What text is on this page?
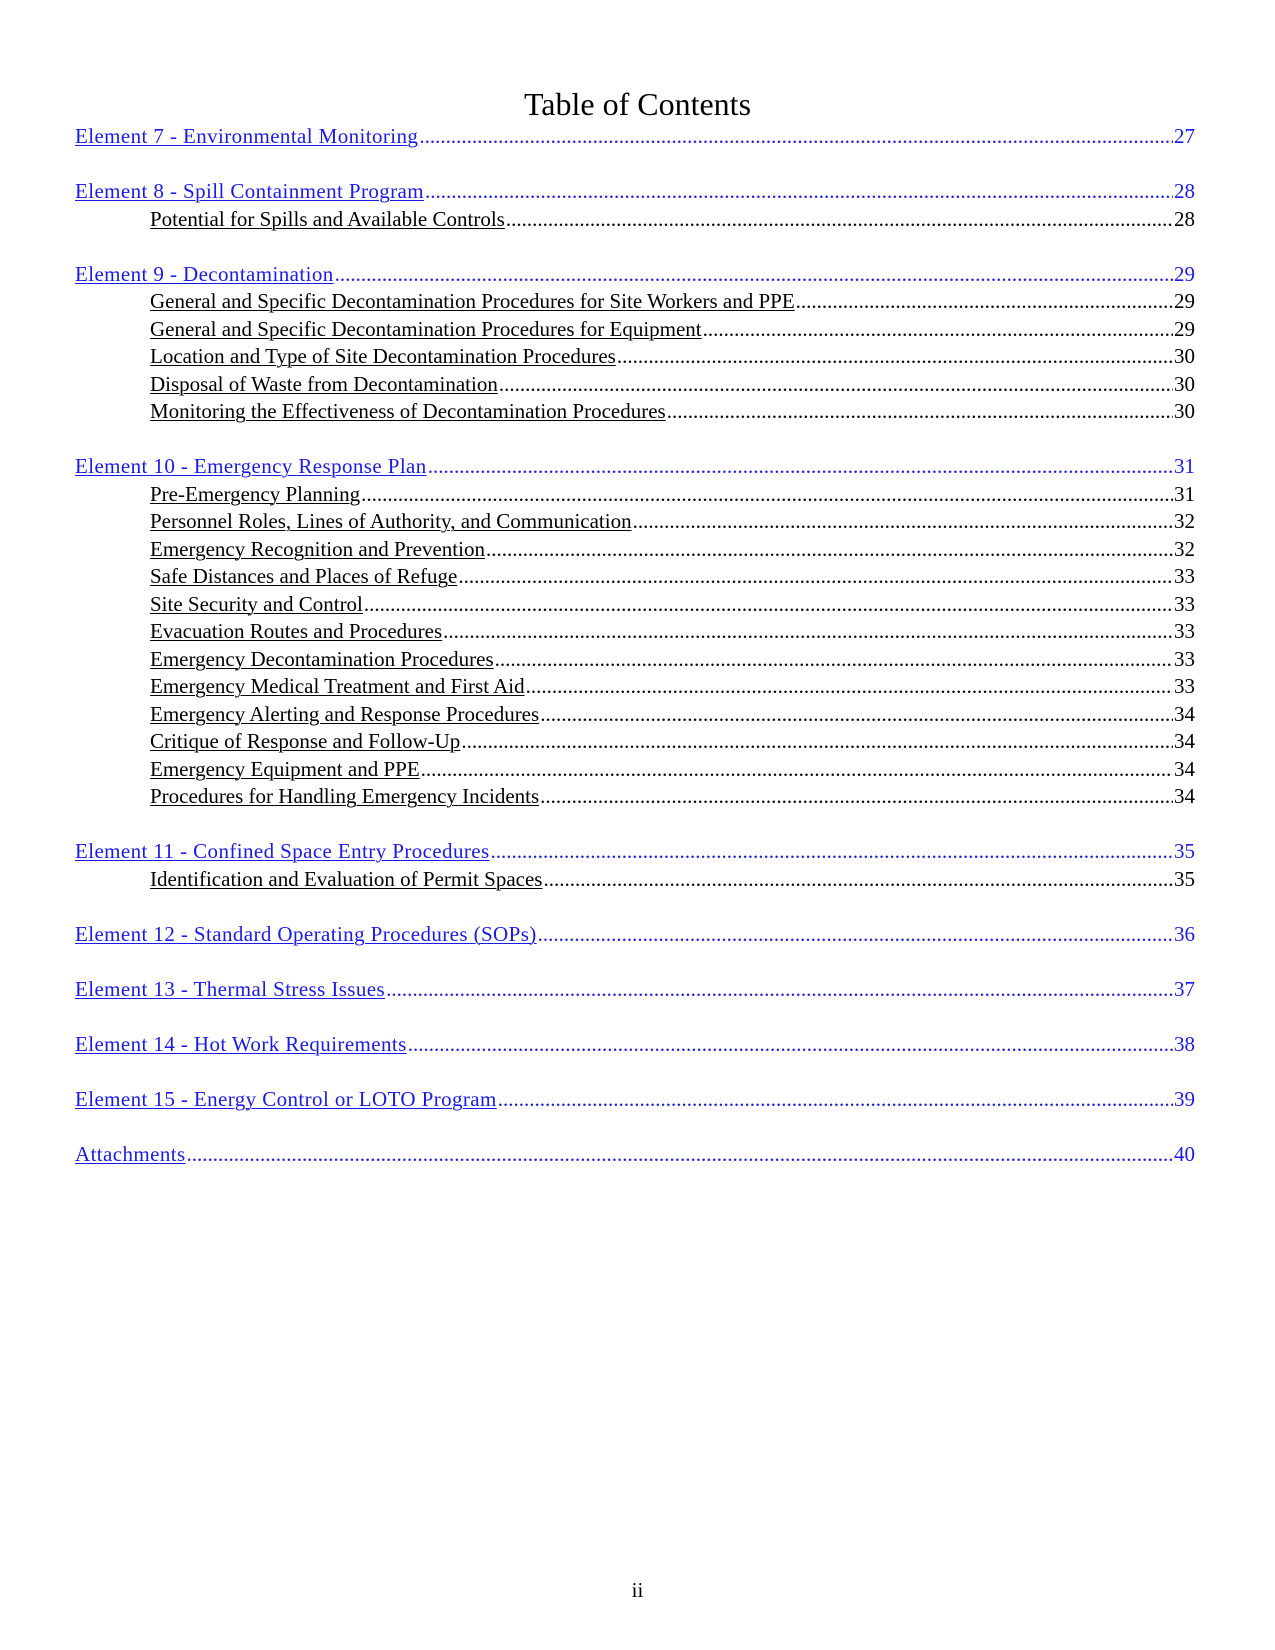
Table of Contents
Element 7 - Environmental Monitoring .....	27
Element 8 - Spill Containment Program .....	28
Potential for Spills and Available Controls .....	28
Element 9 - Decontamination .....	29
General and Specific Decontamination Procedures for Site Workers and PPE .....	29
General and Specific Decontamination Procedures for Equipment .....	29
Location and Type of Site Decontamination Procedures .....	30
Disposal of Waste from Decontamination .....	30
Monitoring the Effectiveness of Decontamination Procedures .....	30
Element 10 - Emergency Response Plan .....	31
Pre-Emergency Planning .....	31
Personnel Roles, Lines of Authority, and Communication .....	32
Emergency Recognition and Prevention .....	32
Safe Distances and Places of Refuge .....	33
Site Security and Control .....	33
Evacuation Routes and Procedures .....	33
Emergency Decontamination Procedures .....	33
Emergency Medical Treatment and First Aid .....	33
Emergency Alerting and Response Procedures .....	34
Critique of Response and Follow-Up .....	34
Emergency Equipment and PPE .....	34
Procedures for Handling Emergency Incidents .....	34
Element 11 - Confined Space Entry Procedures .....	35
Identification and Evaluation of Permit Spaces .....	35
Element 12 - Standard Operating Procedures (SOPs) .....	36
Element 13 - Thermal Stress Issues .....	37
Element 14 - Hot Work Requirements .....	38
Element 15 - Energy Control or LOTO Program .....	39
Attachments .....	40
ii
